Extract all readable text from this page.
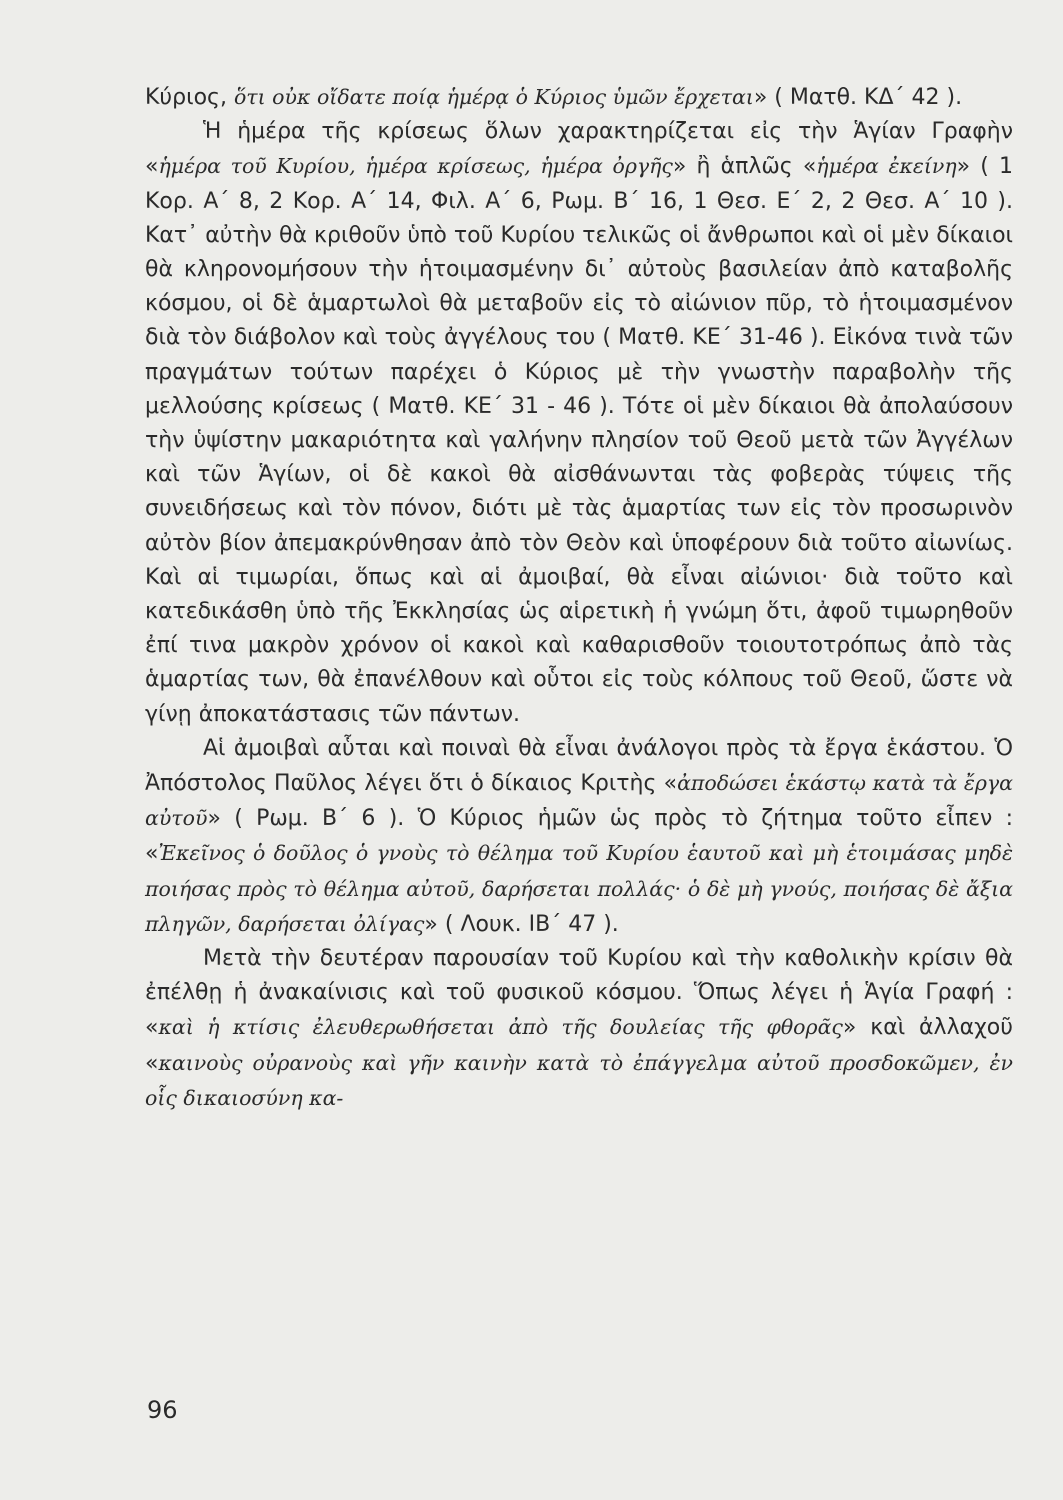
Κύριος, ὅτι οὐκ οἴδατε ποίᾳ ἡμέρᾳ ὁ Κύριος ὑμῶν ἔρχεται» ( Ματθ. ΚΔ΄ 42 ).

Ἡ ἡμέρα τῆς κρίσεως ὅλων χαρακτηρίζεται εἰς τὴν Ἁγίαν Γραφὴν «ἡμέρα τοῦ Κυρίου, ἡμέρα κρίσεως, ἡμέρα ὀργῆς» ἢ ἁπλῶς «ἡμέρα ἐκείνη» ( 1 Κορ. Α΄ 8, 2 Κορ. Α΄ 14, Φιλ. Α΄ 6, Ρωμ. Β΄ 16, 1 Θεσ. Ε΄ 2, 2 Θεσ. Α΄ 10 ). Κατ᾽ αὐτὴν θὰ κριθοῦν ὑπὸ τοῦ Κυρίου τελικῶς οἱ ἄνθρωποι καὶ οἱ μὲν δίκαιοι θὰ κληρονομήσουν τὴν ἡτοιμασμένην δι᾽ αὐτοὺς βασιλείαν ἀπὸ καταβολῆς κόσμου, οἱ δὲ ἁμαρτωλοὶ θὰ μεταβοῦν εἰς τὸ αἰώνιον πῦρ, τὸ ἡτοιμασμένον διὰ τὸν διάβολον καὶ τοὺς ἀγγέλους του ( Ματθ. ΚΕ΄ 31-46 ). Εἰκόνα τινὰ τῶν πραγμάτων τούτων παρέχει ὁ Κύριος μὲ τὴν γνωστὴν παραβολὴν τῆς μελλούσης κρίσεως ( Ματθ. ΚΕ΄ 31 - 46 ). Τότε οἱ μὲν δίκαιοι θὰ ἀπολαύσουν τὴν ὑψίστην μακαριότητα καὶ γαλήνην πλησίον τοῦ Θεοῦ μετὰ τῶν Ἀγγέλων καὶ τῶν Ἁγίων, οἱ δὲ κακοὶ θὰ αἰσθάνωνται τὰς φοβερὰς τύψεις τῆς συνειδήσεως καὶ τὸν πόνον, διότι μὲ τὰς ἁμαρτίας των εἰς τὸν προσωρινὸν αὐτὸν βίον ἀπεμακρύνθησαν ἀπὸ τὸν Θεὸν καὶ ὑποφέρουν διὰ τοῦτο αἰωνίως. Καὶ αἱ τιμωρίαι, ὅπως καὶ αἱ ἀμοιβαί, θὰ εἶναι αἰώνιοι· διὰ τοῦτο καὶ κατεδικάσθη ὑπὸ τῆς Ἐκκλησίας ὡς αἱρετικὴ ἡ γνώμη ὅτι, ἀφοῦ τιμωρηθοῦν ἐπί τινα μακρὸν χρόνον οἱ κακοὶ καὶ καθαρισθοῦν τοιουτοτρόπως ἀπὸ τὰς ἁμαρτίας των, θὰ ἐπανέλθουν καὶ οὗτοι εἰς τοὺς κόλπους τοῦ Θεοῦ, ὥστε νὰ γίνῃ ἀποκατάστασις τῶν πάντων.

Αἱ ἀμοιβαὶ αὗται καὶ ποιναὶ θὰ εἶναι ἀνάλογοι πρὸς τὰ ἔργα ἑκάστου. Ὁ Ἀπόστολος Παῦλος λέγει ὅτι ὁ δίκαιος Κριτὴς «ἀποδώσει ἑκάστῳ κατὰ τὰ ἔργα αὐτοῦ» ( Ρωμ. Β΄ 6 ). Ὁ Κύριος ἡμῶν ὡς πρὸς τὸ ζήτημα τοῦτο εἶπεν : «Ἐκεῖνος ὁ δοῦλος ὁ γνοὺς τὸ θέλημα τοῦ Κυρίου ἑαυτοῦ καὶ μὴ ἑτοιμάσας μηδὲ ποιήσας πρὸς τὸ θέλημα αὐτοῦ, δαρήσεται πολλάς· ὁ δὲ μὴ γνούς, ποιήσας δὲ ἄξια πληγῶν, δαρήσεται ὀλίγας» ( Λουκ. ΙΒ΄ 47 ).

Μετὰ τὴν δευτέραν παρουσίαν τοῦ Κυρίου καὶ τὴν καθολικὴν κρίσιν θὰ ἐπέλθῃ ἡ ἀνακαίνισις καὶ τοῦ φυσικοῦ κόσμου. Ὅπως λέγει ἡ Ἁγία Γραφή : «καὶ ἡ κτίσις ἐλευθερωθήσεται ἀπὸ τῆς δουλείας τῆς φθορᾶς» καὶ ἀλλαχοῦ «καινοὺς οὐρανοὺς καὶ γῆν καινὴν κατὰ τὸ ἐπάγγελμα αὐτοῦ προσδοκῶμεν, ἐν οἷς δικαιοσύνη κα-

96
